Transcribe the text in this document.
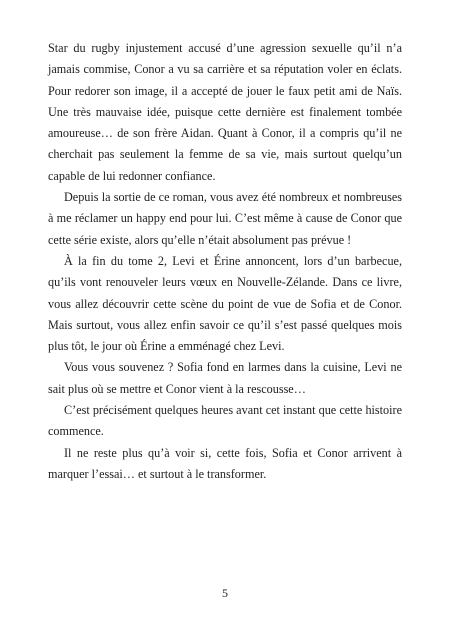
Star du rugby injustement accusé d’une agression sexuelle qu’il n’a jamais commise, Conor a vu sa carrière et sa réputation voler en éclats. Pour redorer son image, il a accepté de jouer le faux petit ami de Naïs. Une très mauvaise idée, puisque cette dernière est finalement tombée amoureuse… de son frère Aidan. Quant à Conor, il a compris qu’il ne cherchait pas seulement la femme de sa vie, mais surtout quelqu’un capable de lui redonner confiance.

Depuis la sortie de ce roman, vous avez été nombreux et nombreuses à me réclamer un happy end pour lui. C’est même à cause de Conor que cette série existe, alors qu’elle n’était absolument pas prévue !

À la fin du tome 2, Levi et Érine annoncent, lors d’un barbecue, qu’ils vont renouveler leurs vœux en Nouvelle-Zélande. Dans ce livre, vous allez découvrir cette scène du point de vue de Sofia et de Conor. Mais surtout, vous allez enfin savoir ce qu’il s’est passé quelques mois plus tôt, le jour où Érine a emménagé chez Levi.

Vous vous souvenez ? Sofia fond en larmes dans la cuisine, Levi ne sait plus où se mettre et Conor vient à la rescousse…

C’est précisément quelques heures avant cet instant que cette histoire commence.

Il ne reste plus qu’à voir si, cette fois, Sofia et Conor arrivent à marquer l’essai… et surtout à le transformer.

5
